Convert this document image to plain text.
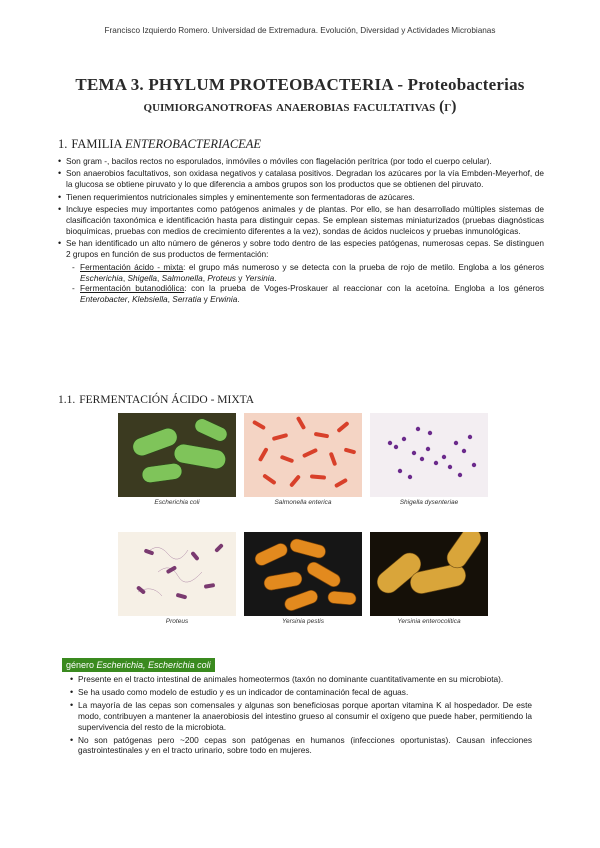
Francisco Izquierdo Romero. Universidad de Extremadura. Evolución, Diversidad y Actividades Microbianas
TEMA 3. PHYLUM PROTEOBACTERIA - Proteobacterias
quimiorganotrofas anaerobias facultativas (γ)
1. FAMILIA ENTEROBACTERIACEAE
• Son gram -, bacilos rectos no esporulados, inmóviles o móviles con flagelación perítrica (por todo el cuerpo celular).
• Son anaerobios facultativos, son oxidasa negativos y catalasa positivos. Degradan los azúcares por la vía Embden-Meyerhof, de la glucosa se obtiene piruvato y lo que diferencia a ambos grupos son los productos que se obtienen del piruvato.
• Tienen requerimientos nutricionales simples y eminentemente son fermentadoras de azúcares.
• Incluye especies muy importantes como patógenos animales y de plantas. Por ello, se han desarrollado múltiples sistemas de clasificación taxonómica e identificación hasta para distinguir cepas. Se emplean sistemas miniaturizados (pruebas diagnósticas bioquímicas, pruebas con medios de crecimiento diferentes a la vez), sondas de ácidos nucleicos y pruebas inmunológicas.
• Se han identificado un alto número de géneros y sobre todo dentro de las especies patógenas, numerosas cepas. Se distinguen 2 grupos en función de sus productos de fermentación:
- Fermentación ácido - mixta: el grupo más numeroso y se detecta con la prueba de rojo de metilo. Engloba a los géneros Escherichia, Shigella, Salmonella, Proteus y Yersinia.
- Fermentación butanodiólica: con la prueba de Voges-Proskauer al reaccionar con la acetoína. Engloba a los géneros Enterobacter, Klebsiella, Serratia y Erwinia.
1.1. FERMENTACIÓN ÁCIDO - MIXTA
Escherichia coli	Salmonella enterica	Shigella dysenteriae
Proteus	Yersinia pestis	Yersinia enterocolitica
género Escherichia, Escherichia coli
• Presente en el tracto intestinal de animales homeotermos (taxón no dominante cuantitativamente en su microbiota).
• Se ha usado como modelo de estudio y es un indicador de contaminación fecal de aguas.
• La mayoría de las cepas son comensales y algunas son beneficiosas porque aportan vitamina K al hospedador. De este modo, contribuyen a mantener la anaerobiosis del intestino grueso al consumir el oxígeno que puede haber, permitiendo la supervivencia del resto de la microbiota.
• No son patógenas pero ~200 cepas son patógenas en humanos (infecciones oportunistas). Causan infecciones gastrointestinales y en el tracto urinario, sobre todo en mujeres.
